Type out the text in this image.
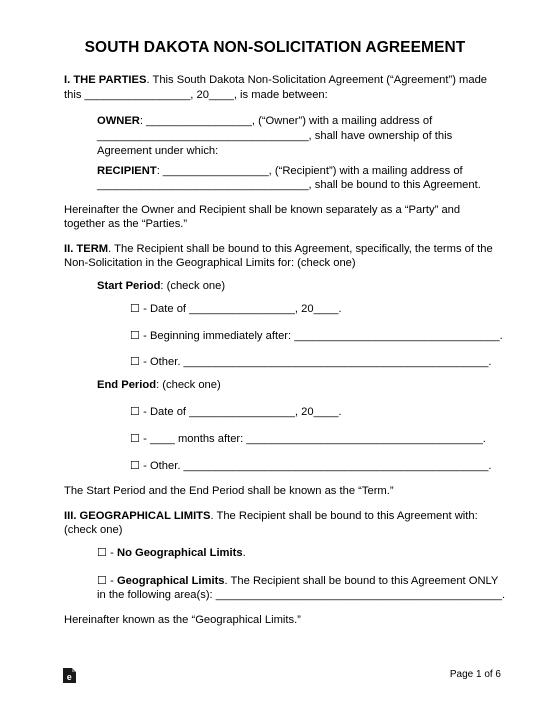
SOUTH DAKOTA NON-SOLICITATION AGREEMENT
I. THE PARTIES. This South Dakota Non-Solicitation Agreement (“Agreement”) made
this _________________, 20____, is made between:
OWNER: _________________, (“Owner”) with a mailing address of
__________________________________, shall have ownership of this
Agreement under which:
RECIPIENT: _________________, (“Recipient”) with a mailing address of
__________________________________, shall be bound to this Agreement.
Hereinafter the Owner and Recipient shall be known separately as a “Party” and
together as the “Parties.”
II. TERM. The Recipient shall be bound to this Agreement, specifically, the terms of the
Non-Solicitation in the Geographical Limits for: (check one)
Start Period: (check one)
☐ - Date of _________________, 20____.
☐ - Beginning immediately after: _________________________________.
☐ - Other. _________________________________________________.
End Period: (check one)
☐ - Date of _________________, 20____.
☐ - ____ months after: ______________________________________.
☐ - Other. _________________________________________________.
The Start Period and the End Period shall be known as the “Term.”
III. GEOGRAPHICAL LIMITS. The Recipient shall be bound to this Agreement with:
(check one)
☐ - No Geographical Limits.
☐ - Geographical Limits. The Recipient shall be bound to this Agreement ONLY
in the following area(s): ______________________________________________.
Hereinafter known as the “Geographical Limits.”
e	Page 1 of 6
